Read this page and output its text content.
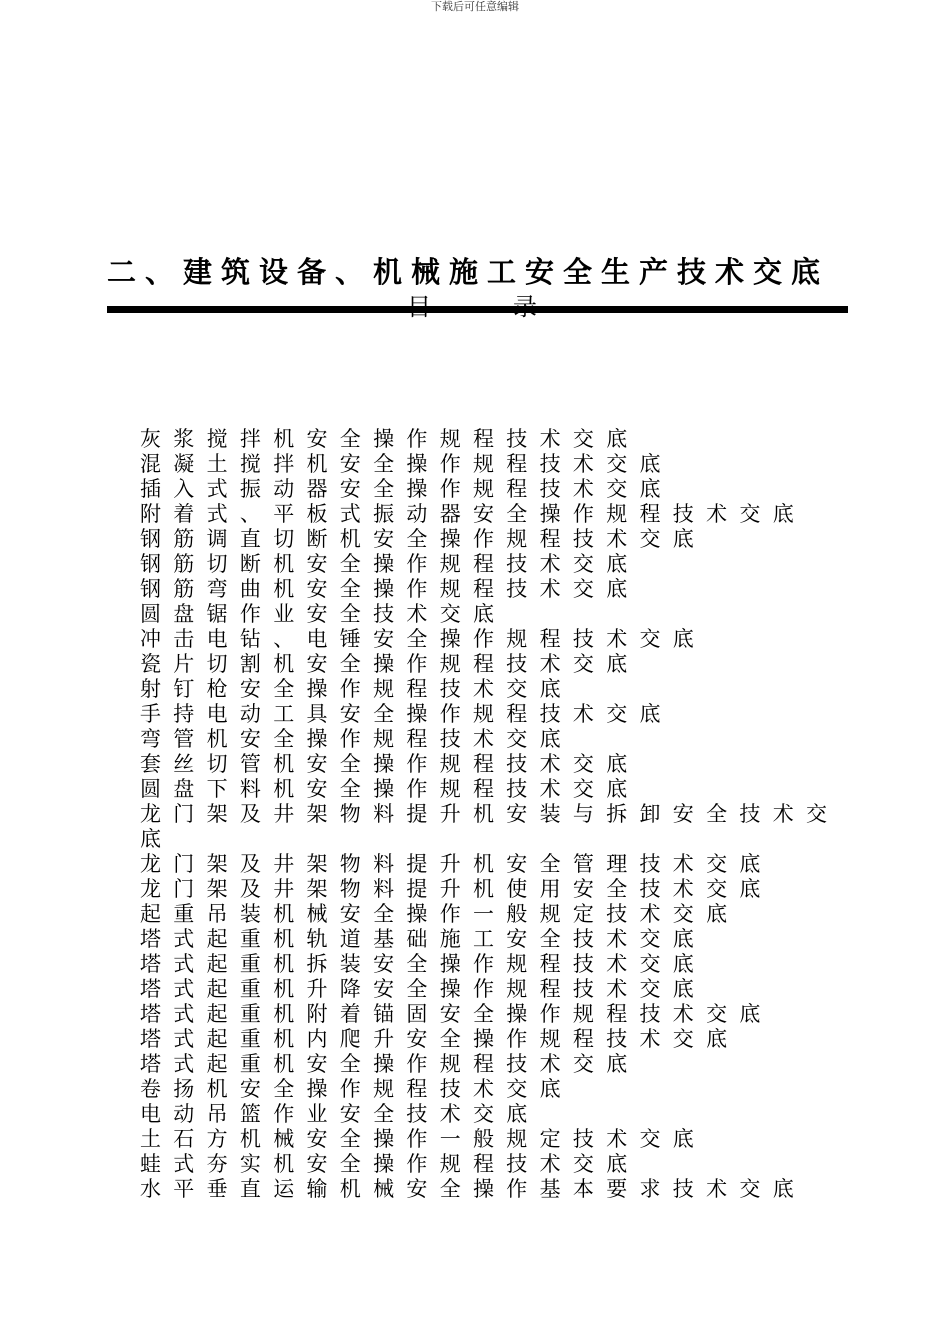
下载后可任意编辑
二、建筑设备、机械施工安全生产技术交底
目	录
灰浆搅拌机安全操作规程技术交底
混凝土搅拌机安全操作规程技术交底
插入式振动器安全操作规程技术交底
附着式、平板式振动器安全操作规程技术交底
钢筋调直切断机安全操作规程技术交底
钢筋切断机安全操作规程技术交底
钢筋弯曲机安全操作规程技术交底
圆盘锯作业安全技术交底
冲击电钻、电锤安全操作规程技术交底
瓷片切割机安全操作规程技术交底
射钉枪安全操作规程技术交底
手持电动工具安全操作规程技术交底
弯管机安全操作规程技术交底
套丝切管机安全操作规程技术交底
圆盘下料机安全操作规程技术交底
龙门架及井架物料提升机安装与拆卸安全技术交底
龙门架及井架物料提升机安全管理技术交底
龙门架及井架物料提升机使用安全技术交底
起重吊装机械安全操作一般规定技术交底
塔式起重机轨道基础施工安全技术交底
塔式起重机拆装安全操作规程技术交底
塔式起重机升降安全操作规程技术交底
塔式起重机附着锚固安全操作规程技术交底
塔式起重机内爬升安全操作规程技术交底
塔式起重机安全操作规程技术交底
卷扬机安全操作规程技术交底
电动吊篮作业安全技术交底
土石方机械安全操作一般规定技术交底
蛙式夯实机安全操作规程技术交底
水平垂直运输机械安全操作基本要求技术交底
